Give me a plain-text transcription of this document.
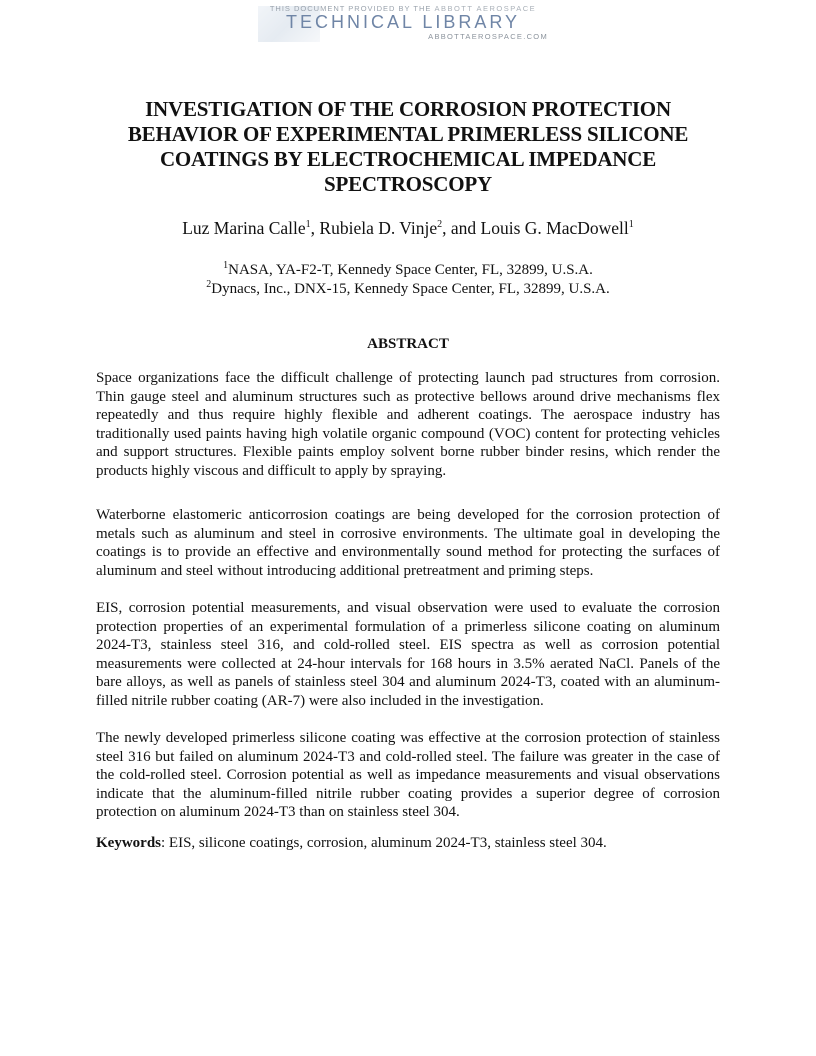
THIS DOCUMENT PROVIDED BY THE ABBOTT AEROSPACE
TECHNICAL LIBRARY
ABBOTTAEROSPACE.COM
INVESTIGATION OF THE CORROSION PROTECTION
BEHAVIOR OF EXPERIMENTAL PRIMERLESS SILICONE
COATINGS BY ELECTROCHEMICAL IMPEDANCE
SPECTROSCOPY
Luz Marina Calle$^1$, Rubiela D. Vinje$^2$, and Louis G. MacDowell$^1$
$^1$NASA, YA-F2-T, Kennedy Space Center, FL, 32899, U.S.A.
$^2$Dynacs, Inc., DNX-15, Kennedy Space Center, FL, 32899, U.S.A.
ABSTRACT
Space organizations face the difficult challenge of protecting launch pad structures from corrosion. Thin gauge steel and aluminum structures such as protective bellows around drive mechanisms flex repeatedly and thus require highly flexible and adherent coatings. The aerospace industry has traditionally used paints having high volatile organic compound (VOC) content for protecting vehicles and support structures. Flexible paints employ solvent borne rubber binder resins, which render the products highly viscous and difficult to apply by spraying.
Waterborne elastomeric anticorrosion coatings are being developed for the corrosion protection of metals such as aluminum and steel in corrosive environments. The ultimate goal in developing the coatings is to provide an effective and environmentally sound method for protecting the surfaces of aluminum and steel without introducing additional pretreatment and priming steps.
EIS, corrosion potential measurements, and visual observation were used to evaluate the corrosion protection properties of an experimental formulation of a primerless silicone coating on aluminum 2024-T3, stainless steel 316, and cold-rolled steel. EIS spectra as well as corrosion potential measurements were collected at 24-hour intervals for 168 hours in 3.5% aerated NaCl. Panels of the bare alloys, as well as panels of stainless steel 304 and aluminum 2024-T3, coated with an aluminum-filled nitrile rubber coating (AR-7) were also included in the investigation.
The newly developed primerless silicone coating was effective at the corrosion protection of stainless steel 316 but failed on aluminum 2024-T3 and cold-rolled steel. The failure was greater in the case of the cold-rolled steel. Corrosion potential as well as impedance measurements and visual observations indicate that the aluminum-filled nitrile rubber coating provides a superior degree of corrosion protection on aluminum 2024-T3 than on stainless steel 304.
Keywords: EIS, silicone coatings, corrosion, aluminum 2024-T3, stainless steel 304.
